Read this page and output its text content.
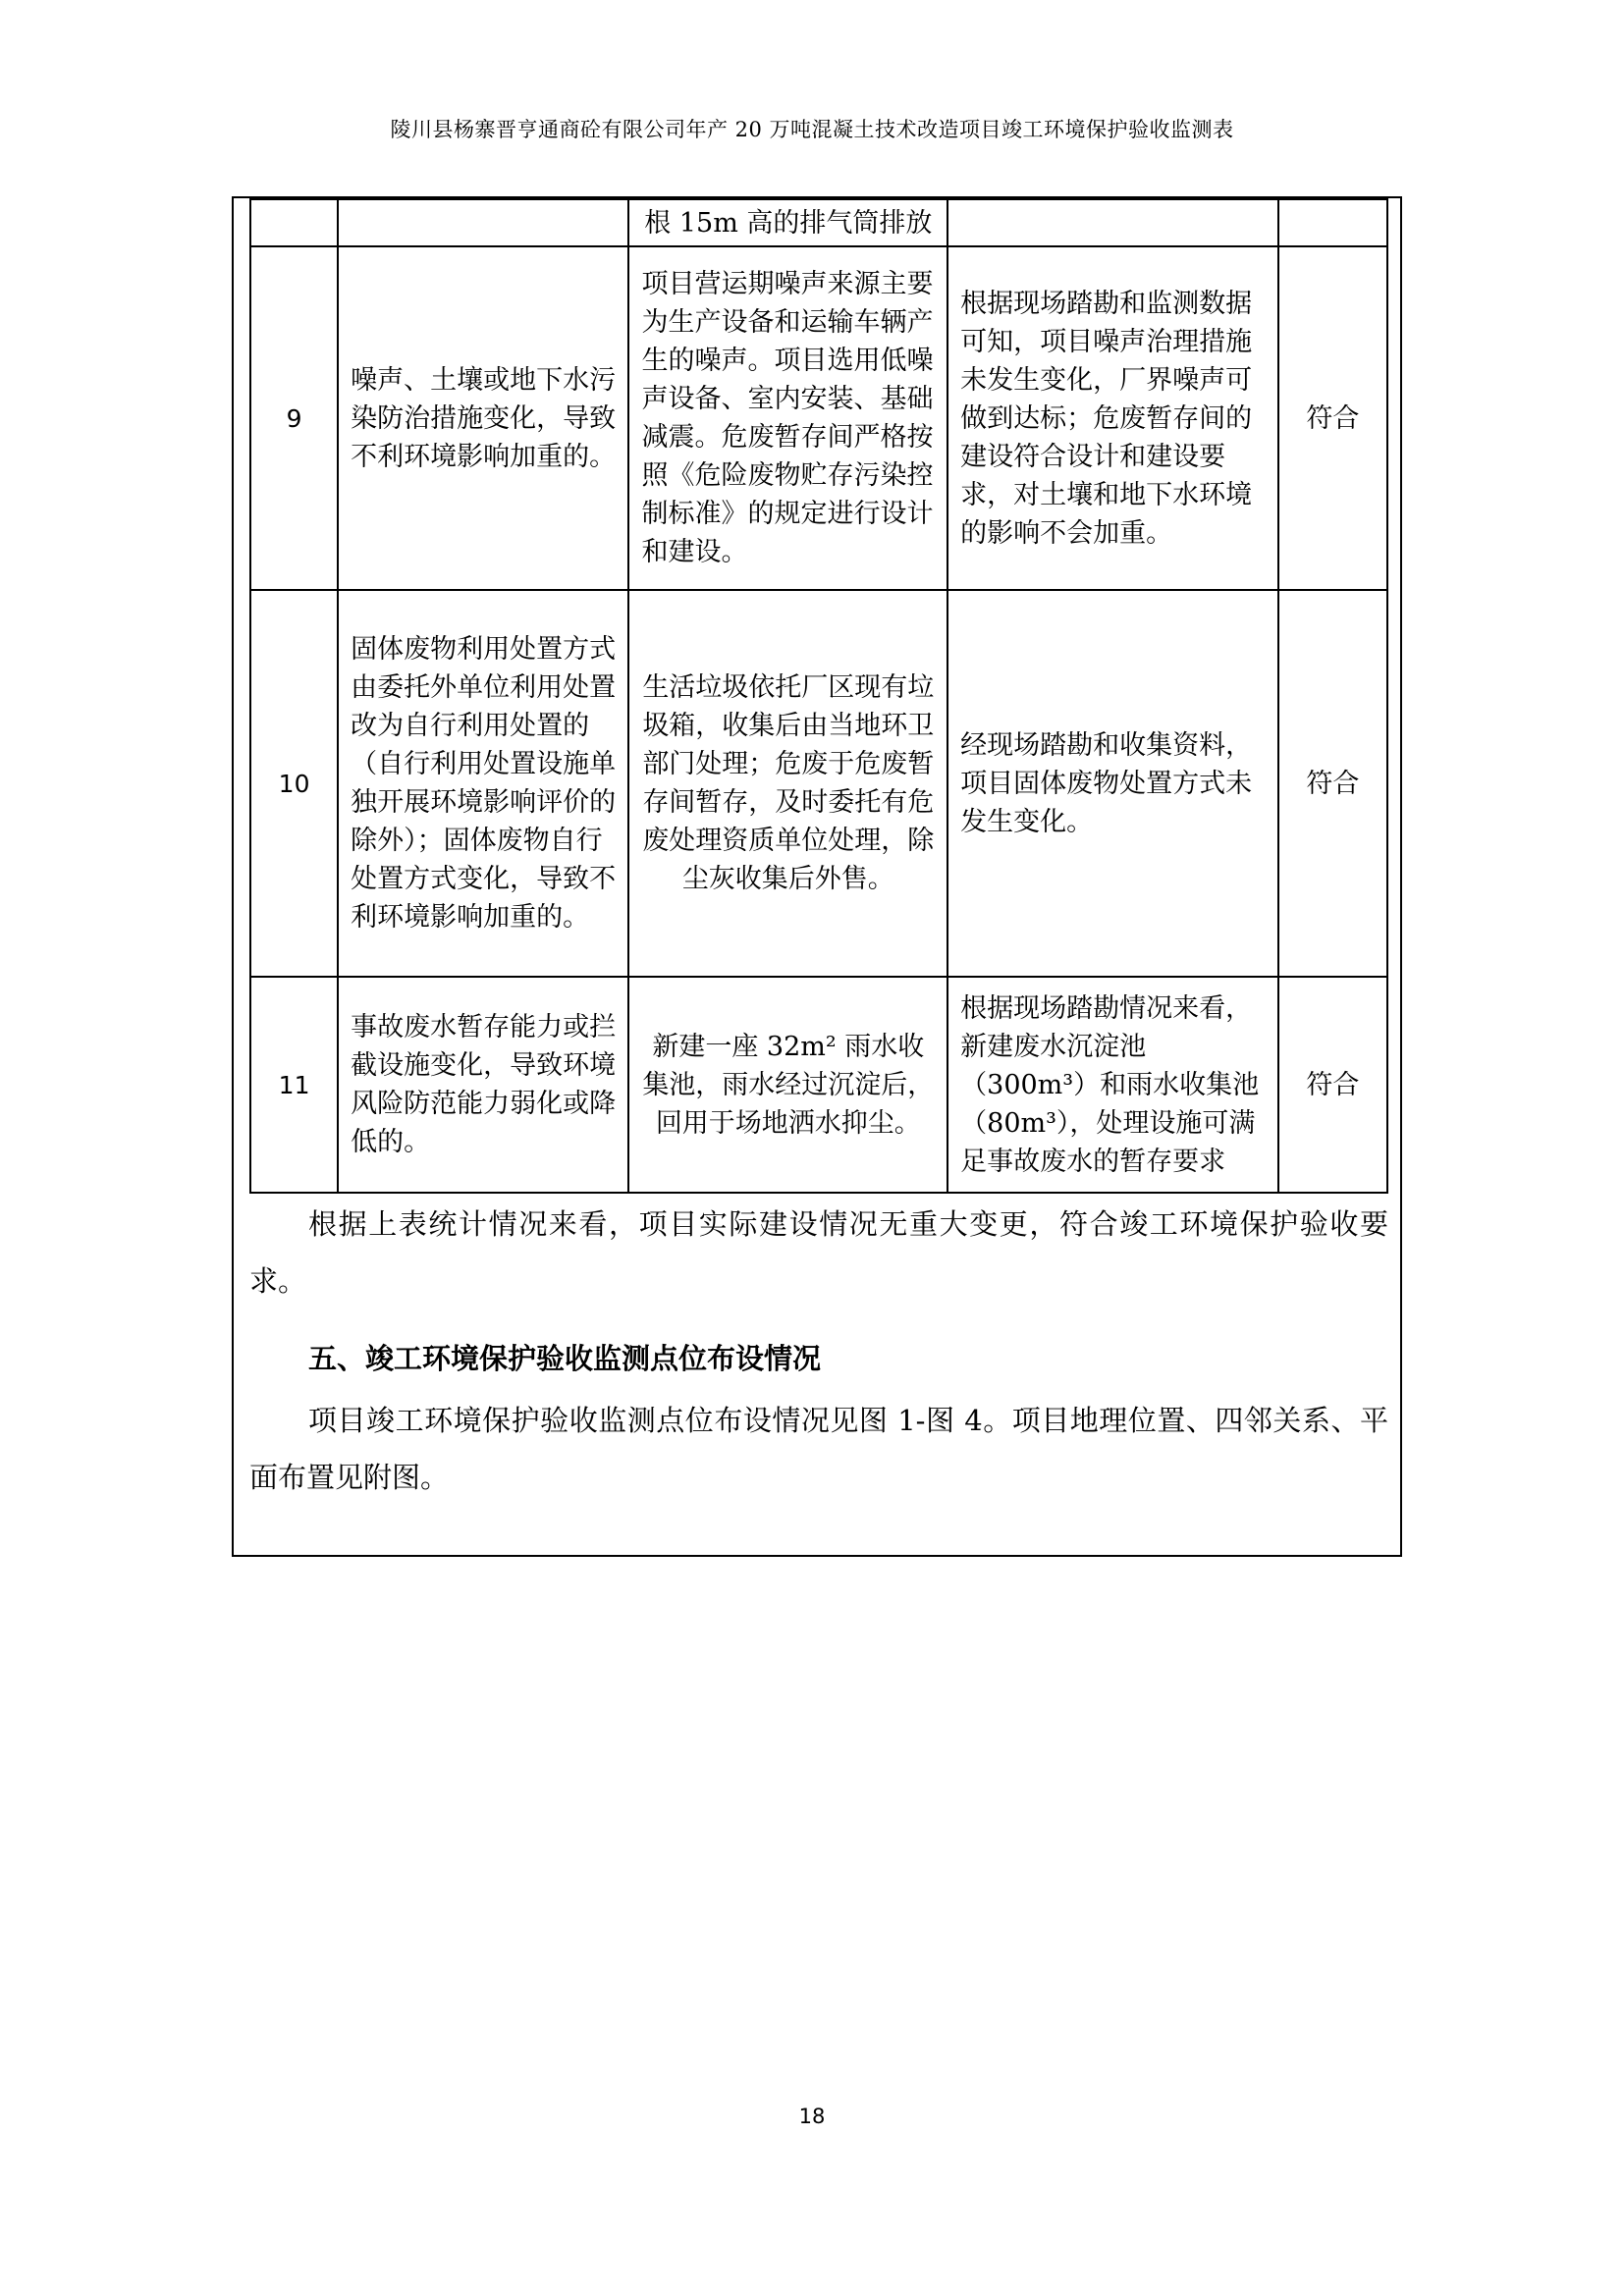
陵川县杨寨晋亨通商砼有限公司年产 20 万吨混凝土技术改造项目竣工环境保护验收监测表
		根 15m 高的排气筒排放		
9	噪声、土壤或地下水污染防治措施变化，导致不利环境影响加重的。	项目营运期噪声来源主要为生产设备和运输车辆产生的噪声。项目选用低噪声设备、室内安装、基础减震。危废暂存间严格按照《危险废物贮存污染控制标准》的规定进行设计和建设。	根据现场踏勘和监测数据可知，项目噪声治理措施未发生变化，厂界噪声可做到达标；危废暂存间的建设符合设计和建设要求，对土壤和地下水环境的影响不会加重。	符合
10	固体废物利用处置方式由委托外单位利用处置改为自行利用处置的（自行利用处置设施单独开展环境影响评价的除外）；固体废物自行处置方式变化，导致不利环境影响加重的。	生活垃圾依托厂区现有垃圾箱，收集后由当地环卫部门处理；危废于危废暂存间暂存，及时委托有危废处理资质单位处理，除尘灰收集后外售。	经现场踏勘和收集资料，项目固体废物处置方式未发生变化。	符合
11	事故废水暂存能力或拦截设施变化，导致环境风险防范能力弱化或降低的。	新建一座 32m² 雨水收集池，雨水经过沉淀后，回用于场地洒水抑尘。	根据现场踏勘情况来看，新建废水沉淀池（300m³）和雨水收集池（80m³），处理设施可满足事故废水的暂存要求	符合

根据上表统计情况来看，项目实际建设情况无重大变更，符合竣工环境保护验收要求。

五、竣工环境保护验收监测点位布设情况

项目竣工环境保护验收监测点位布设情况见图 1-图 4。项目地理位置、四邻关系、平面布置见附图。

18
